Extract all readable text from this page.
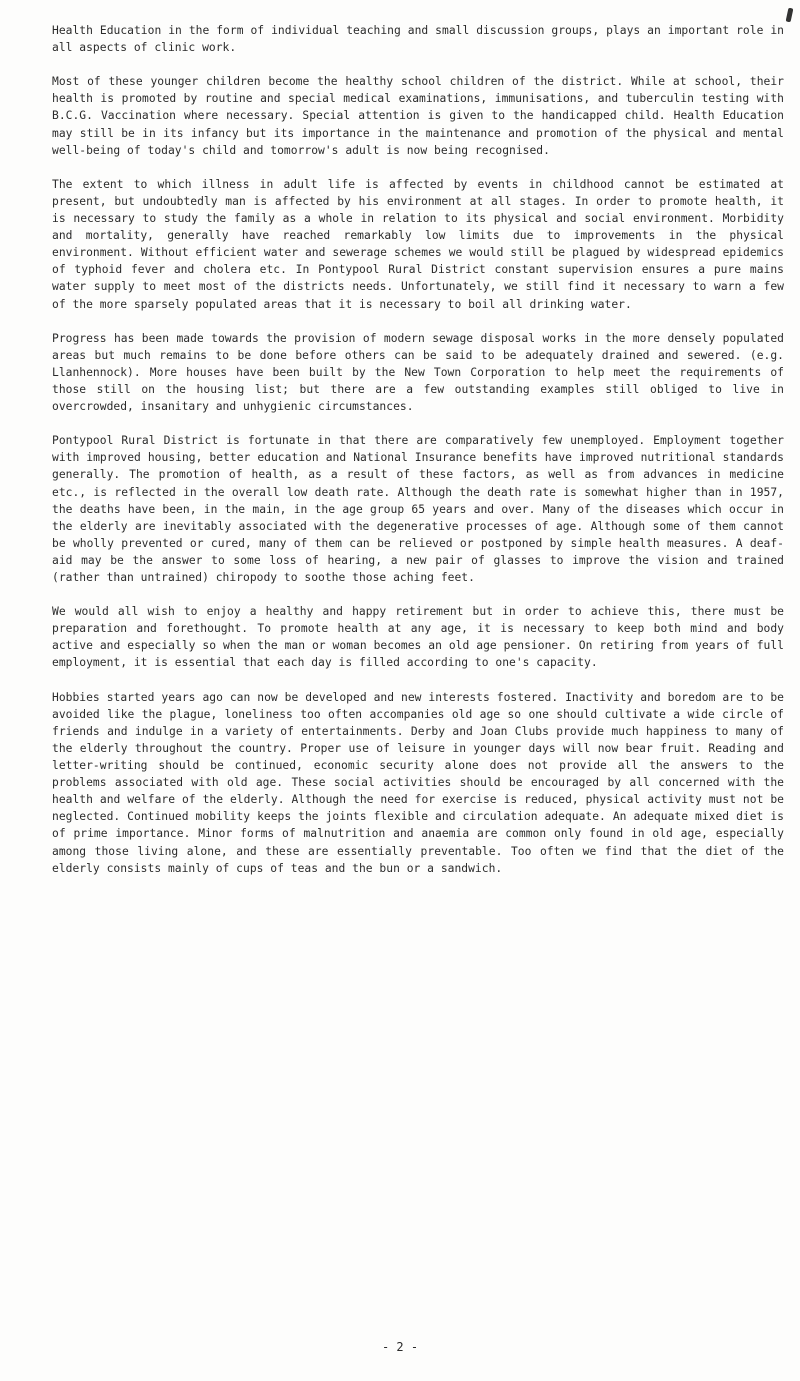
Health Education in the form of individual teaching and small discussion groups, plays an important role in all aspects of clinic work.

Most of these younger children become the healthy school children of the district. While at school, their health is promoted by routine and special medical examinations, immunisations, and tuberculin testing with B.C.G. Vaccination where necessary. Special attention is given to the handicapped child. Health Education may still be in its infancy but its importance in the maintenance and promotion of the physical and mental well-being of today's child and tomorrow's adult is now being recognised.

The extent to which illness in adult life is affected by events in childhood cannot be estimated at present, but undoubtedly man is affected by his environment at all stages. In order to promote health, it is necessary to study the family as a whole in relation to its physical and social environment. Morbidity and mortality, generally have reached remarkably low limits due to improvements in the physical environment. Without efficient water and sewerage schemes we would still be plagued by widespread epidemics of typhoid fever and cholera etc. In Pontypool Rural District constant supervision ensures a pure mains water supply to meet most of the districts needs. Unfortunately, we still find it necessary to warn a few of the more sparsely populated areas that it is necessary to boil all drinking water.

Progress has been made towards the provision of modern sewage disposal works in the more densely populated areas but much remains to be done before others can be said to be adequately drained and sewered. (e.g. Llanhennock). More houses have been built by the New Town Corporation to help meet the requirements of those still on the housing list; but there are a few outstanding examples still obliged to live in overcrowded, insanitary and unhygienic circumstances.

Pontypool Rural District is fortunate in that there are comparatively few unemployed. Employment together with improved housing, better education and National Insurance benefits have improved nutritional standards generally. The promotion of health, as a result of these factors, as well as from advances in medicine etc., is reflected in the overall low death rate. Although the death rate is somewhat higher than in 1957, the deaths have been, in the main, in the age group 65 years and over. Many of the diseases which occur in the elderly are inevitably associated with the degenerative processes of age. Although some of them cannot be wholly prevented or cured, many of them can be relieved or postponed by simple health measures. A deaf-aid may be the answer to some loss of hearing, a new pair of glasses to improve the vision and trained (rather than untrained) chiropody to soothe those aching feet.

We would all wish to enjoy a healthy and happy retirement but in order to achieve this, there must be preparation and forethought. To promote health at any age, it is necessary to keep both mind and body active and especially so when the man or woman becomes an old age pensioner. On retiring from years of full employment, it is essential that each day is filled according to one's capacity.

Hobbies started years ago can now be developed and new interests fostered. Inactivity and boredom are to be avoided like the plague, loneliness too often accompanies old age so one should cultivate a wide circle of friends and indulge in a variety of entertainments. Derby and Joan Clubs provide much happiness to many of the elderly throughout the country. Proper use of leisure in younger days will now bear fruit. Reading and letter-writing should be continued, economic security alone does not provide all the answers to the problems associated with old age. These social activities should be encouraged by all concerned with the health and welfare of the elderly. Although the need for exercise is reduced, physical activity must not be neglected. Continued mobility keeps the joints flexible and circulation adequate. An adequate mixed diet is of prime importance. Minor forms of malnutrition and anaemia are common only found in old age, especially among those living alone, and these are essentially preventable. Too often we find that the diet of the elderly consists mainly of cups of teas and the bun or a sandwich.

- 2 -
